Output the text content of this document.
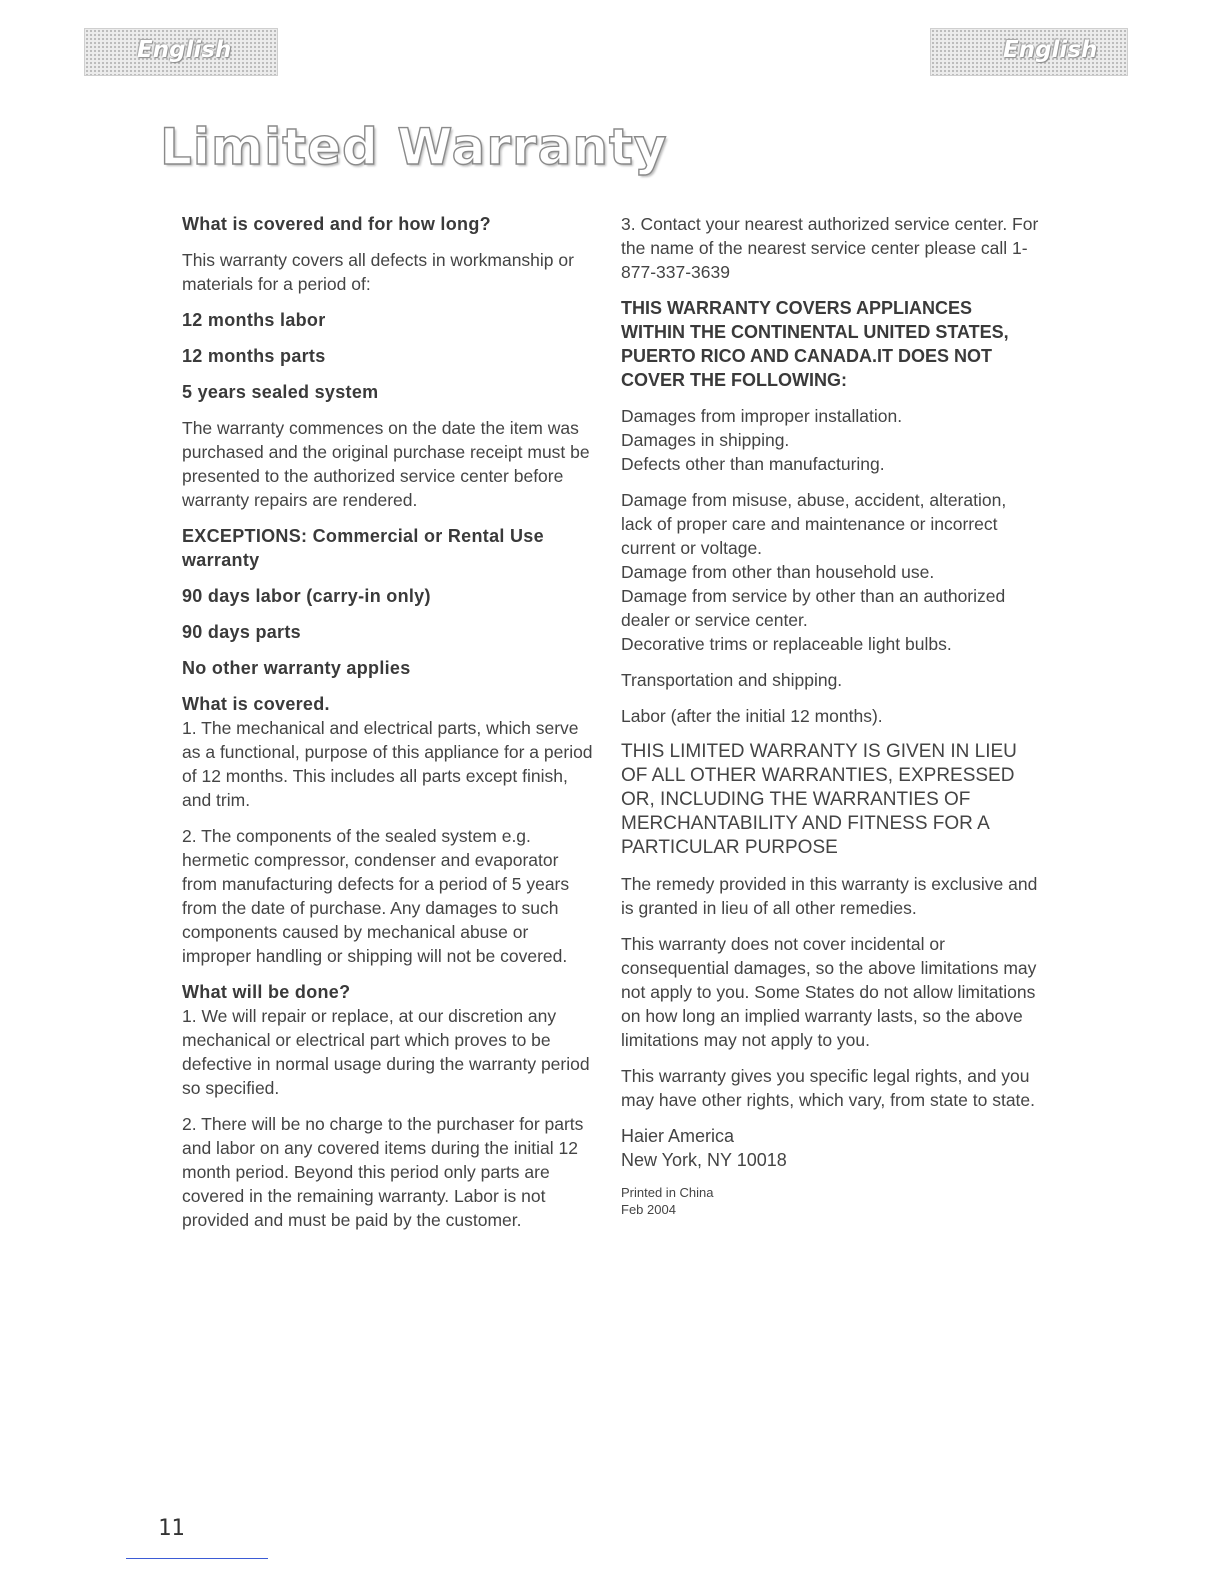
English	English
Limited Warranty
What is covered and for how long?

This warranty covers all defects in workmanship or materials for a period of:

12 months labor
12 months parts
5 years sealed system

The warranty commences on the date the item was purchased and the original purchase receipt must be presented to the authorized service center before warranty repairs are rendered.

EXCEPTIONS: Commercial or Rental Use warranty
90 days labor (carry-in only)
90 days parts
No other warranty applies
What is covered.

1. The mechanical and electrical parts, which serve as a functional, purpose of this appliance for a period of 12 months. This includes all parts except finish, and trim.

2. The components of the sealed system e.g. hermetic compressor, condenser and evaporator from manufacturing defects for a period of 5 years from the date of purchase. Any damages to such components caused by mechanical abuse or improper handling or shipping will not be covered.

What will be done?

1. We will repair or replace, at our discretion any mechanical or electrical part which proves to be defective in normal usage during the warranty period so specified.

2. There will be no charge to the purchaser for parts and labor on any covered items during the initial 12 month period. Beyond this period only parts are covered in the remaining warranty. Labor is not provided and must be paid by the customer.

3. Contact your nearest authorized service center. For the name of the nearest service center please call 1-877-337-3639

THIS WARRANTY COVERS APPLIANCES WITHIN THE CONTINENTAL UNITED STATES, PUERTO RICO AND CANADA.IT DOES NOT COVER THE FOLLOWING:

Damages from improper installation.
Damages in shipping.
Defects other than manufacturing.

Damage from misuse, abuse, accident, alteration, lack of proper care and maintenance or incorrect current or voltage.
Damage from other than household use.
Damage from service by other than an authorized dealer or service center.
Decorative trims or replaceable light bulbs.

Transportation and shipping.

Labor (after the initial 12 months).

THIS LIMITED WARRANTY IS GIVEN IN LIEU OF ALL OTHER WARRANTIES, EXPRESSED OR, INCLUDING THE WARRANTIES OF MERCHANTABILITY AND FITNESS FOR A PARTICULAR PURPOSE

The remedy provided in this warranty is exclusive and is granted in lieu of all other remedies.

This warranty does not cover incidental or consequential damages, so the above limitations may not apply to you. Some States do not allow limitations on how long an implied warranty lasts, so the above limitations may not apply to you.

This warranty gives you specific legal rights, and you may have other rights, which vary, from state to state.

Haier America
New York, NY 10018

Printed in China
Feb 2004

11
